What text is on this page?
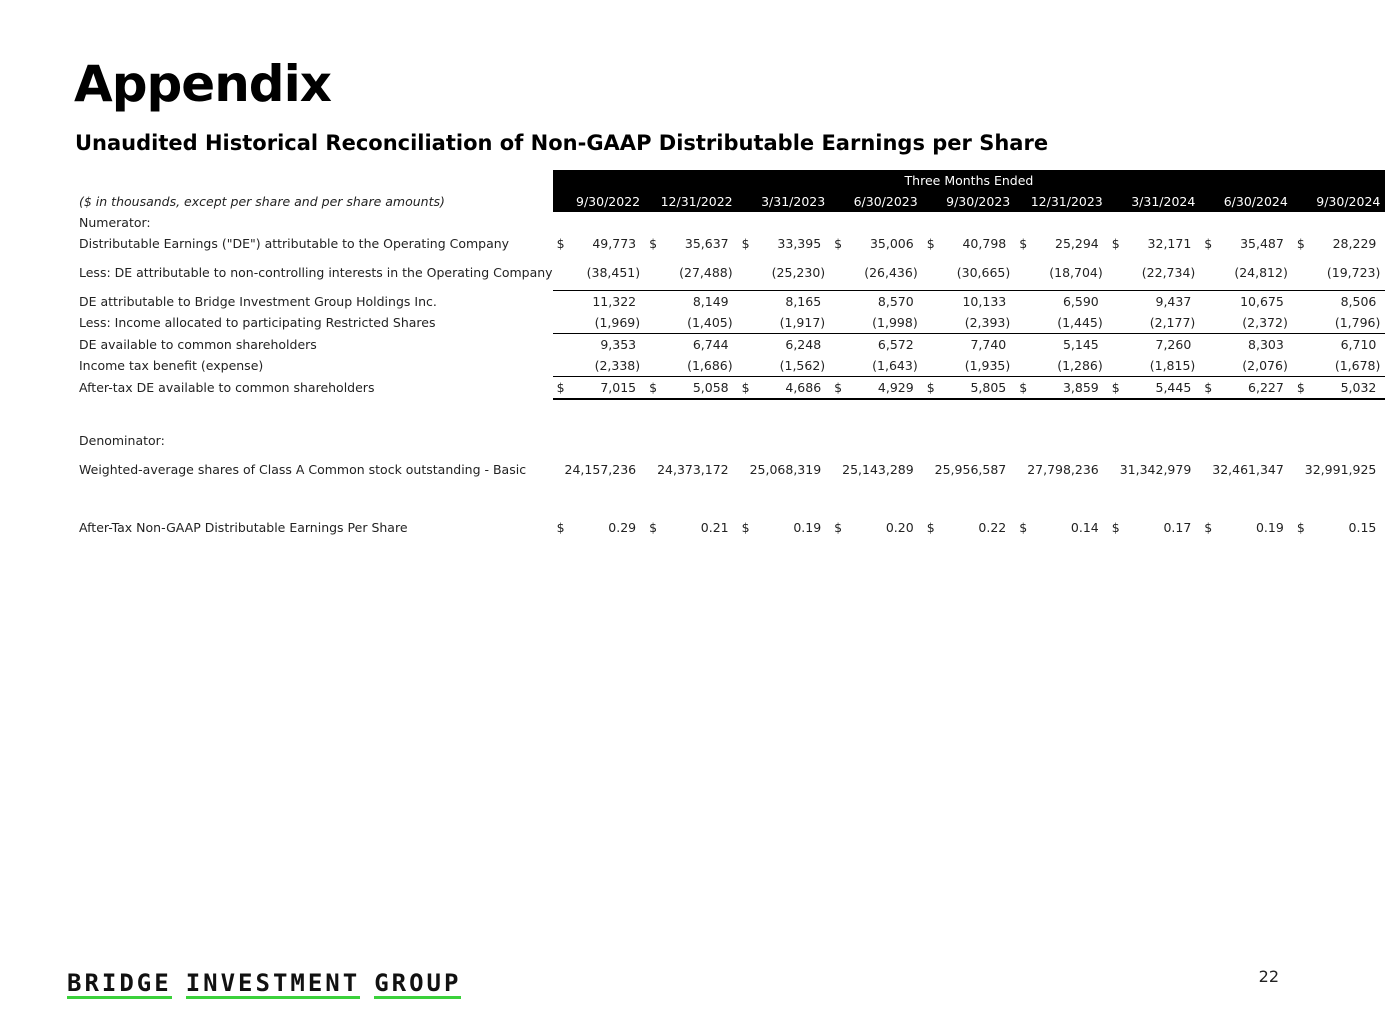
Appendix
Unaudited Historical Reconciliation of Non-GAAP Distributable Earnings per Share
	Three Months Ended																	
($ in thousands, except per share and per share amounts)	9/30/2022		12/31/2022		3/31/2023		6/30/2023		9/30/2023		12/31/2023		3/31/2024		6/30/2024		9/30/2024	
Numerator:																		
Distributable Earnings ("DE") attributable to the Operating Company	$	49,773	$	35,637	$	33,395	$	35,006	$	40,798	$	25,294	$	32,171	$	35,487	$	28,229
Less: DE attributable to non-controlling interests in the Operating Company		(38,451)		(27,488)		(25,230)		(26,436)		(30,665)		(18,704)		(22,734)		(24,812)		(19,723)
DE attributable to Bridge Investment Group Holdings Inc.		11,322		8,149		8,165		8,570		10,133		6,590		9,437		10,675		8,506
Less: Income allocated to participating Restricted Shares		(1,969)		(1,405)		(1,917)		(1,998)		(2,393)		(1,445)		(2,177)		(2,372)		(1,796)
DE available to common shareholders		9,353		6,744		6,248		6,572		7,740		5,145		7,260		8,303		6,710
Income tax benefit (expense)		(2,338)		(1,686)		(1,562)		(1,643)		(1,935)		(1,286)		(1,815)		(2,076)		(1,678)
After-tax DE available to common shareholders	$	7,015	$	5,058	$	4,686	$	4,929	$	5,805	$	3,859	$	5,445	$	6,227	$	5,032

Denominator:																		
Weighted-average shares of Class A Common stock outstanding - Basic		24,157,236		24,373,172		25,068,319		25,143,289		25,956,587		27,798,236		31,342,979		32,461,347		32,991,925

After-Tax Non-GAAP Distributable Earnings Per Share	$	0.29	$	0.21	$	0.19	$	0.20	$	0.22	$	0.14	$	0.17	$	0.19	$	0.15
BRIDGE INVESTMENT GROUP	22
